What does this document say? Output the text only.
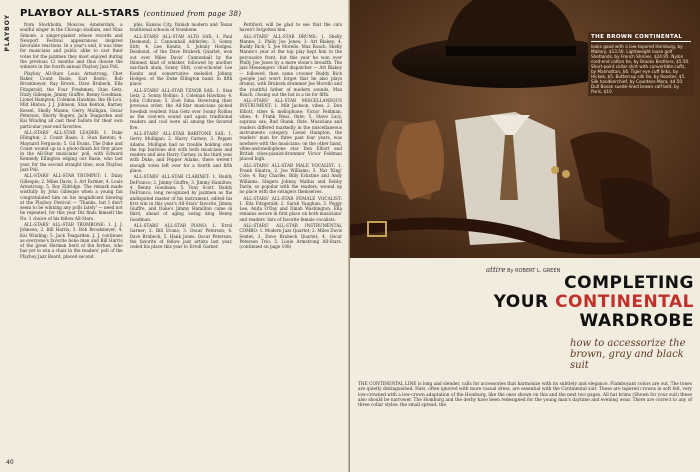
PLAYBOY
PLAYBOY ALL-STARS (continued from page 38)

from Stockholm, Moscow, Amsterdam, a soulful singer in the Chicago stadium, and Nina Simone, a singer-pianist whose records and Newport Festival appearances inspired favorable reactions. In a year's end, it was time for musicians and public alike to cast their votes for the jazzmen they most enjoyed during the previous 12 months and thus choose the winners in the fourth annual Playboy Jazz Poll.

Playboy All-Stars Louis Armstrong, Chet Baker, Count Basie, Earl Bostic, Bob Brookmeyer, Ray Brown, Dave Brubeck, Ella Fitzgerald, the Four Freshmen, Stan Getz, Dizzy Gillespie, Jimmy Giuffre, Benny Goodman, Lionel Hampton, Coleman Hawkins, the Hi-Lo's, Milt Hinton, J. J. Johnson, Stan Kenton, Barney Kessel, Shelly Manne, Gerry Mulligan, Oscar Peterson, Shorty Rogers, Jack Teagarden and Kai Winding all cast their ballots for their own particular year-end favorites.

ALL-STARS' ALL-STAR LEADER: 1. Duke Ellington; 2. Count Basie; 3. Stan Kenton; 4. Maynard Ferguson; 5. Gil Evans. The Duke and Count wound up in a photo-finish for first place in the All-Star musicians' poll, with Edward Kennedy Ellington edging out Basie, who last year, for the second straight time, won Playboy Jazz Poll.

ALL-STARS' ALL-STAR TRUMPET: 1. Dizzy Gillespie; 2. Miles Davis; 3. Art Farmer; 4. Louis Armstrong; 5. Roy Eldridge. The remark made wistfully by John Gillespie when a young fan congratulated him on his magnificent blowing at the Playboy Festival — 'Thanks, but I don't seem to be winning any polls lately' — need not be repeated, for this year Diz finds himself the No. 1 choice of his fellow All-Stars.

ALL-STARS' ALL-STAR TROMBONE: 1. J. J. Johnson; 2. Bill Harris; 3. Bob Brookmeyer; 4. Kai Winding; 5. Jack Teagarden. J. J. continues as everyone's favorite bone man and Bill Harris of the great Herman herd of the forties, who has yet to win a chair in the readers' poll of the Playboy Jazz Board, placed second.

phis, Kansas City, Danish modern and Texan traditional schools of trombone.

ALL-STARS' ALL-STAR ALTO SAX: 1. Paul Desmond; 2. Cannonball Adderley; 3. Sonny Stitt; 4. Lee Konitz; 5. Johnny Hodges. Desmond, of the Dave Brubeck Quartet, won out over Miles Davis' Cannonball by the thinnest kind of whisker, followed by another sax-flash alum, Sonny Stitt, cool-schooler Lee Konitz and conservative melodist Johnny Hodges, of the Duke Ellington band, in fifth place.

ALL-STARS' ALL-STAR TENOR SAX: 1. Stan Getz; 2. Sonny Rollins; 3. Coleman Hawkins; 4. John Coltrane; 5. Zoot Sims. Reversing their previous order, the All-Star musicians picked Swedish resident Stan Getz over Sonny Rollins as the cool-era sound and again traditional readers and cool were all among the favored five.

ALL-STARS' ALL-STAR BARITONE SAX: 1. Gerry Mulligan; 2. Harry Carney; 3. Pepper Adams. Mulligan had no trouble holding onto the top baritone slot with both musicians and readers and also Harry Carney, in his third year with Duke, and Pepper Adams, there weren't enough votes left over for a fourth and fifth place.

ALL-STARS' ALL-STAR CLARINET: 1. Buddy DeFranco; 2. Jimmy Giuffre; 3. Jimmy Hamilton; 4. Benny Goodman; 5. Tony Scott. Buddy DeFranco, long recognized by jazzmen as the undisputed master of his instrument, edited his first win in this year's All-Stars' favorite, Jimmy Giuffre, and Duke's Jimmy Hamilton came in third, ahead of aging swing king Benny Goodman.

ALL-STARS' ALL-STAR PIANO: 1. Errol Garner; 2. Bill Evans; 3. Oscar Peterson; 4. Dave Brubeck; 5. Hank Jones. Oscar Peterson, the favorite of fellow jazz artists last year, ceded his place this year to Erroll Garner.

Pettiford, will be glad to see that the cats haven't forgotten him.

ALL-STARS' ALL-STAR DRUMS: 1. Shelly Manne; 2. Philly Joe Jones; 3. Art Blakey; 4. Buddy Rich; 5. Joe Morello. Max Roach, Shelly Manne's year at the top play kept him in the percussive front, but this year he won over Philly Joe Jones by a mere stone's breadth. The jazz Messengers' chief dispatcher — Art Blakey — followed, then came crooner Buddy Rich (people just won't forget that he also plays drums), with Brubeck drummer Joe Morello and the youthful father of modern sounds, Max Roach, closing out the list in a tie for fifth.

ALL-STARS' ALL-STAR MISCELLANEOUS INSTRUMENT: 1. Milt Jackson, vibes; 2. Don Elliott, vibes & mellophone; Victor Feldman, vibes; 4. Frank Wess, flute; 5. Steve Lacy, soprano sax; Bud Shank, flute. Musicians and readers differed markedly in the miscellaneous instruments category. Lionel Hampton, the readers' man for three past four years, was nowhere with the musicians; on the other hand, vibes-and-mellophone star Don Elliott and British vibes-pianist-drummer Victor Feldman placed high.

ALL-STARS' ALL-STAR MALE VOCALIST: 1. Frank Sinatra; 2. Joe Williams; 3. Nat 'King' Cole; 4. Ray Charles, Billy Eckstine and Andy Williams. Singers Johnny Mathis and Bobby Darin, so popular with the readers, wound up no place with the swingers themselves.

ALL-STARS' ALL-STAR FEMALE VOCALIST: 1. Ella Fitzgerald; 2. Sarah Vaughan; 3. Peggy Lee, Anita O'Day and Dinah Washington. Ella remains secure in first place on both musicians' and readers' lists of favorite female vocalists.

ALL-STARS' ALL-STAR INSTRUMENTAL COMBO: 1. Modern Jazz Quartet; 2. Miles Davis Sextet; 3. Dave Brubeck Quartet; 4. Oscar Peterson Trio; 5. Louie Armstrong All-Stars. (continued on page 108)

40
THE BROWN CONTINENTAL

looks good with a low-tapered Homburg, by Mallory, $13.50. Lightweight loose golf Shetlands, by French Shriner, $24.95. Nylon cord-end cotton tie, by Brooks Brothers, $5.50. Short-point collar shirt with convertible cuffs, by Manhattan, $6. Tiger eye cuff links, by Hickok, $5. Buttercup silk tie, by Rooster, $5. Silk handkerchief, by Countess-Mara, $4.50. Dull Bosak suede-lined brown calf belt, by Paris, $10.

attire By ROBERT L. GREEN
COMPLETING
YOUR CONTINENTAL
WARDROBE
how to accessorize the brown, gray and black suit
THE CONTINENTAL LINE is long and slender, calls for accessories that harmonize with its subtlety and elegance. Flamboyant colors are out. The tones are quietly distinguished. Hats, often ignored with more casual dress, are essential with the Continental suit. These are tapered crowns in soft felt, very low-crowned with a low-crown adaptation of the Homburg, like the ones shown on this and the next two pages. All hat brims (Shown for your suit) these also should be narrower. The Homburg and the derby have been redesigned for the young man's daytime and evening wear. There are correct to any of three collar styles: the small spread, the
